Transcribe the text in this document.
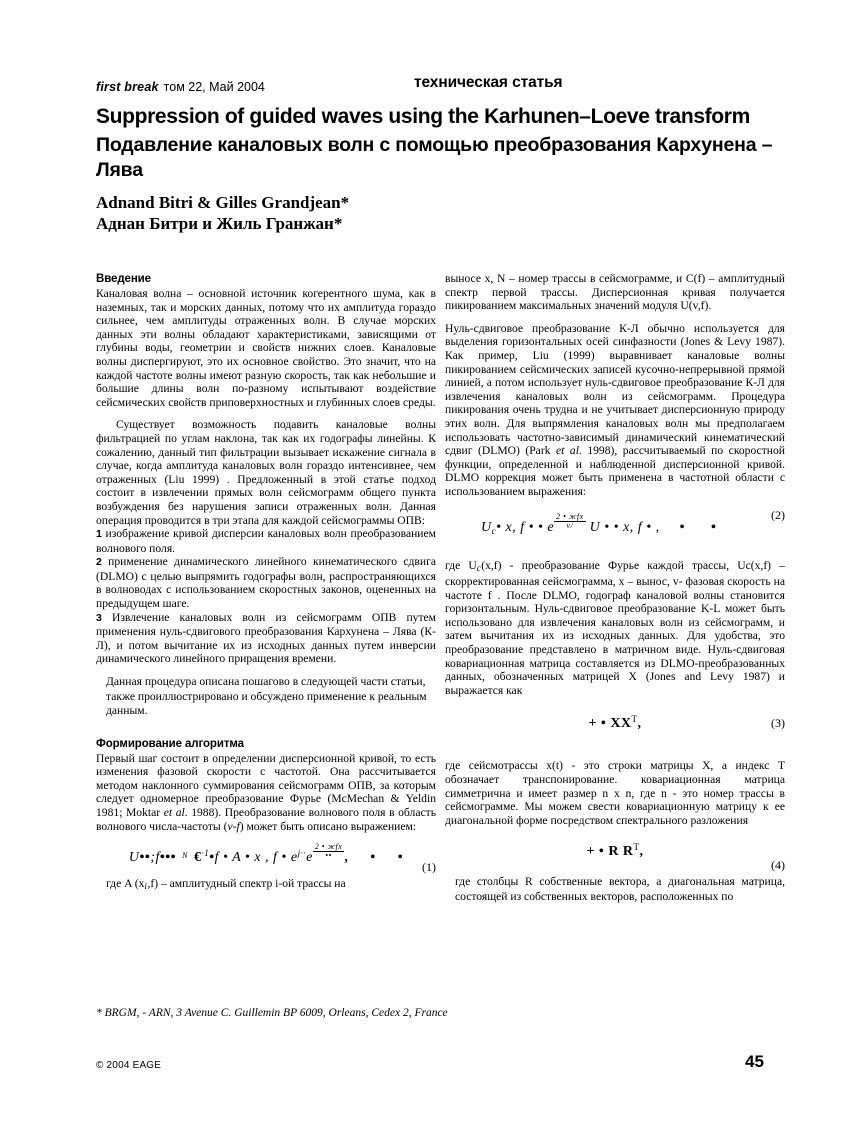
first break том 22, Май 2004	техническая статья
Suppression of guided waves using the Karhunen–Loeve transform
Подавление каналовых волн с помощью преобразования Кархунена – Лява
Adnand Bitri & Gilles Grandjean*
Аднан Битри и Жиль Гранжан*
Введение

Каналовая волна – основной источник когерентного шума, как в наземных, так и морских данных, потому что их амплитуда гораздо сильнее, чем амплитуды отраженных волн. В случае морских данных эти волны обладают характеристиками, зависящими от глубины воды, геометрии и свойств нижних слоев. Каналовые волны диспергируют, это их основное свойство. Это значит, что на каждой частоте волны имеют разную скорость, так как небольшие и большие длины волн по-разному испытывают воздействие сейсмических свойств приповерхностных и глубинных слоев среды.

Существует возможность подавить каналовые волны фильтрацией по углам наклона, так как их годографы линейны. К сожалению, данный тип фильтрации вызывает искажение сигнала в случае, когда амплитуда каналовых волн гораздо интенсивнее, чем отраженных (Liu 1999) . Предложенный в этой статье подход состоит в извлечении прямых волн сейсмограмм общего пункта возбуждения без нарушения записи отраженных волн. Данная операция проводится в три этапа для каждой сейсмограммы ОПВ:

1 изображение кривой дисперсии каналовых волн преобразованием волнового поля.

2 применение динамического линейного кинематического сдвига (DLMO) с целью выпрямить годографы волн, распространяющихся в волноводах с использованием скоростных законов, оцененных на предыдущем шаге.

3 Извлечение каналовых волн из сейсмограмм ОПВ путем применения нуль-сдвигового преобразования Кархунена – Лява (К-Л), и потом вычитание их из исходных данных путем инверсии динамического линейного приращения времени.

Данная процедура описана пошагово в следующей части статьи, также проиллюстрировано и обсуждено применение к реальным данным.

Формирование алгоритма

Первый шаг состоит в определении дисперсионной кривой, то есть изменения фазовой скорости с частотой. Она рассчитывается методом наклонного суммирования сейсмограмм ОПВ, за которым следует одномерное преобразование Фурье (McMechan & Yeldin 1981; Moktar et al. 1988). Преобразование волнового поля в область волнового числа-частоты (v-f) может быть описано выражением:

U••;f••• N €$^{\cdot 1}$•f • A • x , f • $e^{j\cdot\cdot}e \frac{\text{2 • жfx}}{••}$ , • •
(1)

где A (xi,f) – амплитудный спектр i-ой трассы на

выносе x, N – номер трассы в сейсмограмме, и C(f) – амплитудный спектр первой трассы. Дисперсионная кривая получается пикированием максимальных значений модуля U(v,f).

Нуль-сдвиговое преобразование К-Л обычно используется для выделения горизонтальных осей синфазности (Jones & Levy 1987). Как пример, Liu (1999) выравнивает каналовые волны пикированием сейсмических записей кусочно-непрерывной прямой линией, а потом использует нуль-сдвиговое преобразование К-Л для извлечения каналовых волн из сейсмограмм. Процедура пикирования очень трудна и не учитывает дисперсионную природу этих волн. Для выпрямления каналовых волн мы предполагаем использовать частотно-зависимый динамический кинематический сдвиг (DLMO) (Park et al. 1998), рассчитываемый по скоростной функции, определенной и наблюденной дисперсионной кривой. DLMO коррекция может быть применена в частотной области с использованием выражения:

$U_c•$ x, f • • e $\frac{\text{2 • жfx}}{v/}$ U • • x, f • , • •
(2)

где Uc(x,f) - преобразование Фурье каждой трассы, Uc(x,f) – скорректированная сейсмограмма, x – вынос, v- фазовая скорость на частоте f . После DLMO, годограф каналовой волны становится горизонтальным. Нуль-сдвиговое преобразование K-L может быть использовано для извлечения каналовых волн из сейсмограмм, и затем вычитания их из исходных данных. Для удобства, это преобразование представлено в матричном виде. Нуль-сдвиговая ковариационная матрица составляется из DLMO-преобразованных данных, обозначенных матрицей X (Jones and Levy 1987) и выражается как

+ • $XX^T$,	(3)

где сейсмотрассы x(t) - это строки матрицы X, а индекс T обозначает транспонирование. ковариационная матрица симметрична и имеет размер n x n, где n - это номер трассы в сейсмограмме. Мы можем свести ковариационную матрицу к ее диагональной форме посредством спектрального разложения

+ • R $R^T$,
(4)

где столбцы R собственные вектора, а диагональная матрица, состоящей из собственных векторов, расположенных по

* BRGM, - ARN, 3 Avenue C. Guillemin BP 6009, Orleans, Cedex 2, France
© 2004 EAGE	45
